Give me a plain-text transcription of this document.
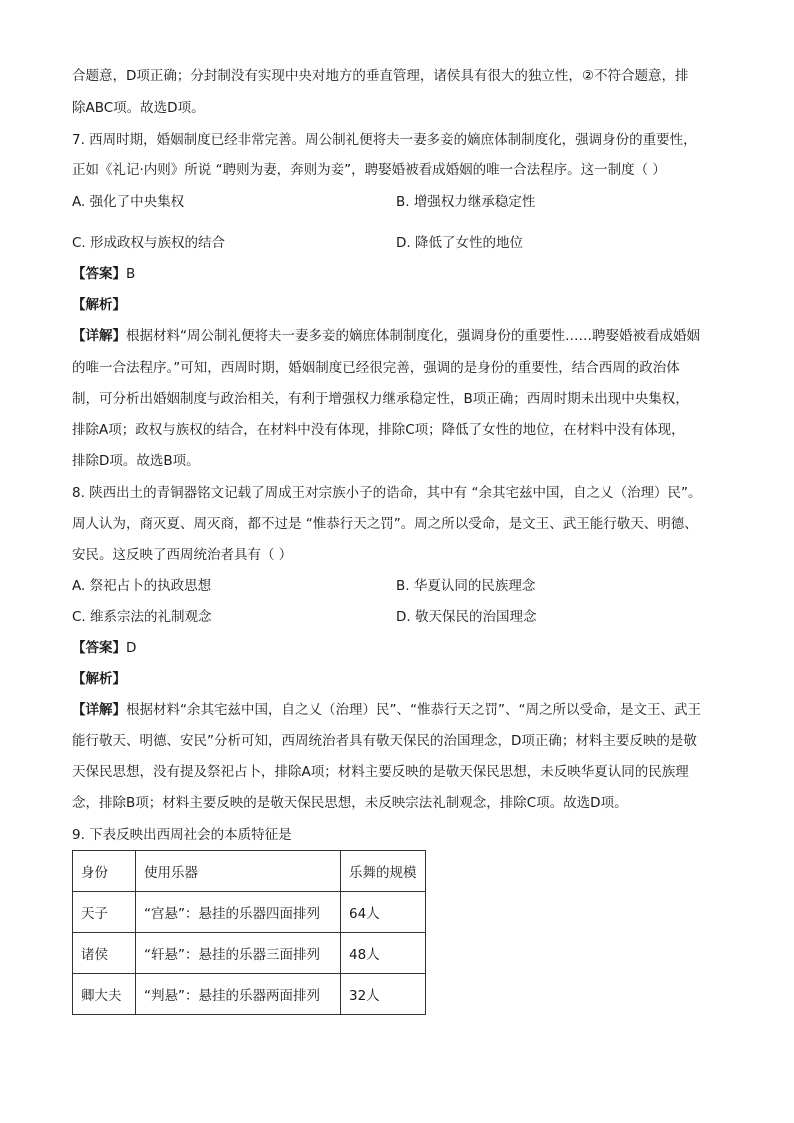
合题意，D项正确；分封制没有实现中央对地方的垂直管理，诸侯具有很大的独立性，②不符合题意，排
除ABC项。故选D项。
7. 西周时期，婚姻制度已经非常完善。周公制礼便将夫一妻多妾的嫡庶体制制度化，强调身份的重要性，
正如《礼记·内则》所说 “聘则为妻，奔则为妾”，聘娶婚被看成婚姻的唯一合法程序。这一制度（ ）
A. 强化了中央集权	B. 增强权力继承稳定性
C. 形成政权与族权的结合	D. 降低了女性的地位
【答案】B
【解析】
【详解】根据材料“周公制礼便将夫一妻多妾的嫡庶体制制度化，强调身份的重要性……聘娶婚被看成婚姻
的唯一合法程序。”可知，西周时期，婚姻制度已经很完善，强调的是身份的重要性，结合西周的政治体
制，可分析出婚姻制度与政治相关，有利于增强权力继承稳定性，B项正确；西周时期未出现中央集权，
排除A项；政权与族权的结合，在材料中没有体现，排除C项；降低了女性的地位，在材料中没有体现，
排除D项。故选B项。
8. 陕西出土的青铜器铭文记载了周成王对宗族小子的诰命，其中有 “余其宅兹中国，自之乂（治理）民”。
周人认为，商灭夏、周灭商，都不过是 “惟恭行天之罚”。周之所以受命，是文王、武王能行敬天、明德、
安民。这反映了西周统治者具有（ ）
A. 祭祀占卜的执政思想	B. 华夏认同的民族理念
C. 维系宗法的礼制观念	D. 敬天保民的治国理念
【答案】D
【解析】
【详解】根据材料“余其宅兹中国，自之乂（治理）民”、“惟恭行天之罚”、“周之所以受命，是文王、武王
能行敬天、明德、安民”分析可知，西周统治者具有敬天保民的治国理念，D项正确；材料主要反映的是敬
天保民思想，没有提及祭祀占卜，排除A项；材料主要反映的是敬天保民思想，未反映华夏认同的民族理
念，排除B项；材料主要反映的是敬天保民思想，未反映宗法礼制观念，排除C项。故选D项。
9. 下表反映出西周社会的本质特征是
身份	使用乐器	乐舞的规模
天子	“宫悬”：悬挂的乐器四面排列	64人
诸侯	“轩悬”：悬挂的乐器三面排列	48人
卿大夫	“判悬”：悬挂的乐器两面排列	32人
